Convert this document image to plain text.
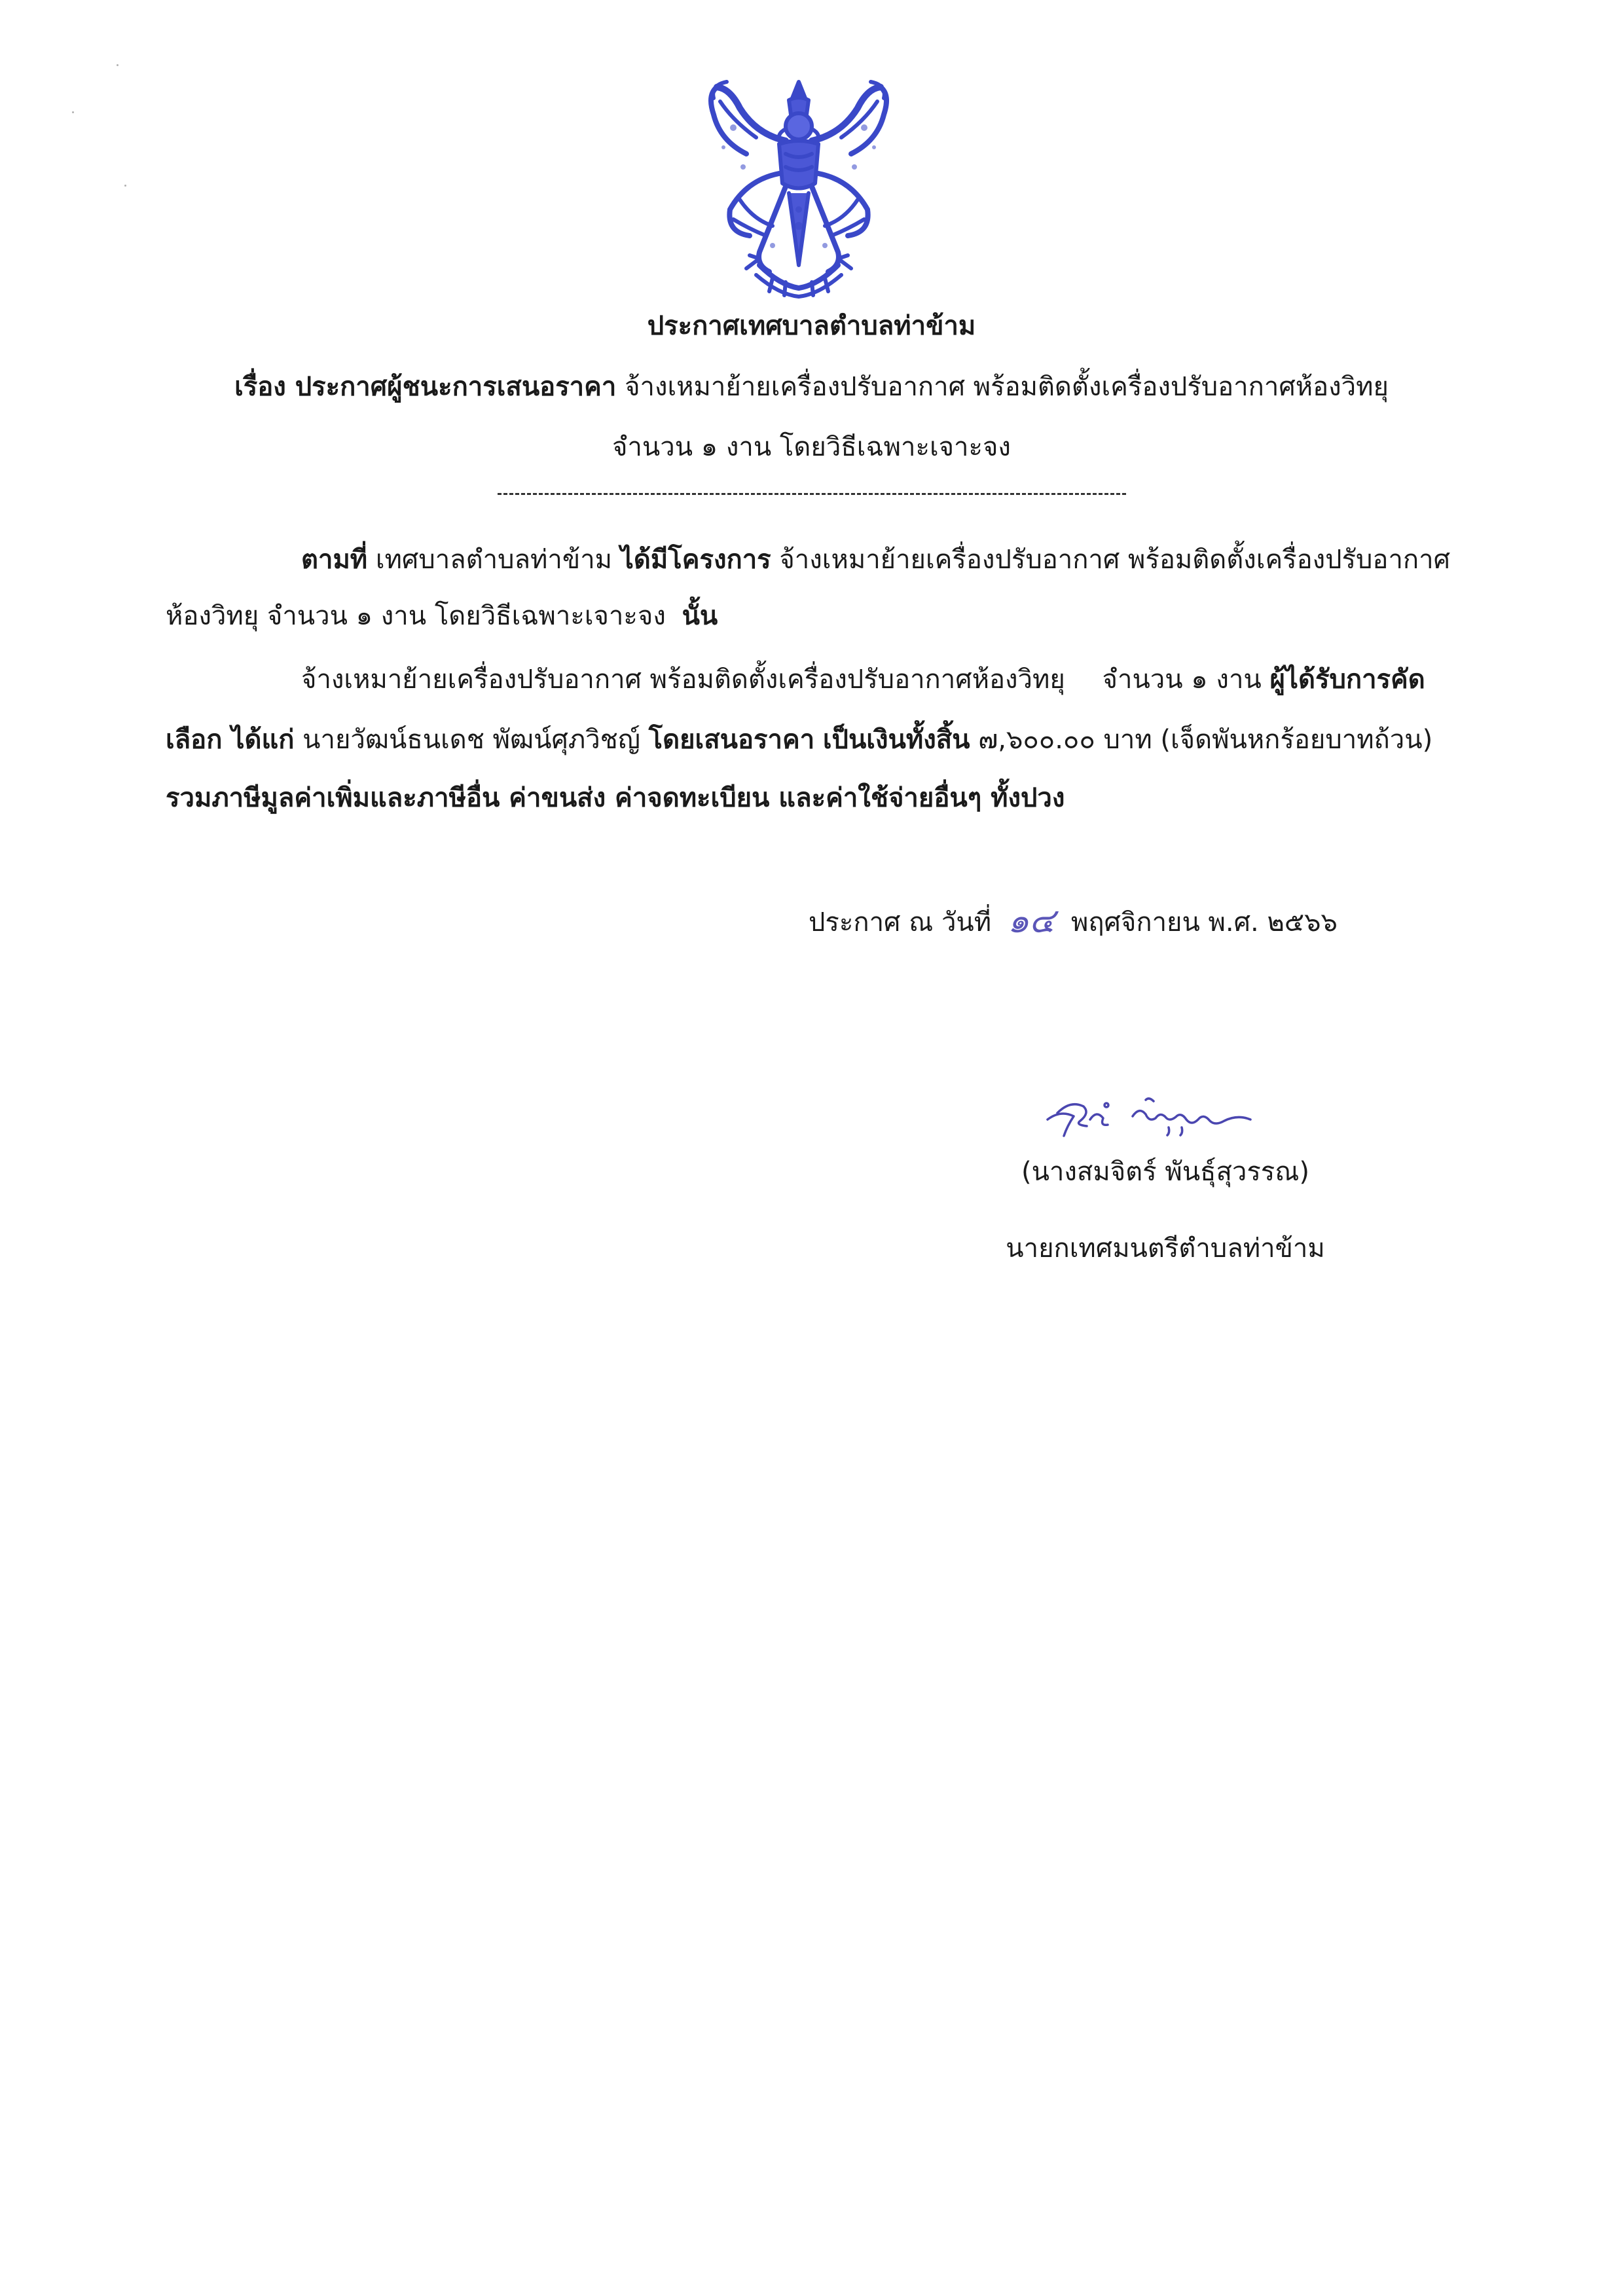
ประกาศเทศบาลตำบลท่าข้าม
เรื่อง ประกาศผู้ชนะการเสนอราคา จ้างเหมาย้ายเครื่องปรับอากาศ พร้อมติดตั้งเครื่องปรับอากาศห้องวิทยุ
จำนวน ๑ งาน โดยวิธีเฉพาะเจาะจง
ตามที่ เทศบาลตำบลท่าข้าม ได้มีโครงการ จ้างเหมาย้ายเครื่องปรับอากาศ พร้อมติดตั้งเครื่องปรับอากาศ
ห้องวิทยุ จำนวน ๑ งาน โดยวิธีเฉพาะเจาะจง นั้น
จ้างเหมาย้ายเครื่องปรับอากาศ พร้อมติดตั้งเครื่องปรับอากาศห้องวิทยุ จำนวน ๑ งาน ผู้ได้รับการคัด
เลือก ได้แก่ นายวัฒน์ธนเดช พัฒน์ศุภวิชญ์ โดยเสนอราคา เป็นเงินทั้งสิ้น ๗,๖๐๐.๐๐ บาท (เจ็ดพันหกร้อยบาทถ้วน)
รวมภาษีมูลค่าเพิ่มและภาษีอื่น ค่าขนส่ง ค่าจดทะเบียน และค่าใช้จ่ายอื่นๆ ทั้งปวง
ประกาศ ณ วันที่ ๑๔ พฤศจิกายน พ.ศ. ๒๕๖๖
(นางสมจิตร์ พันธุ์สุวรรณ)
นายกเทศมนตรีตำบลท่าข้าม
